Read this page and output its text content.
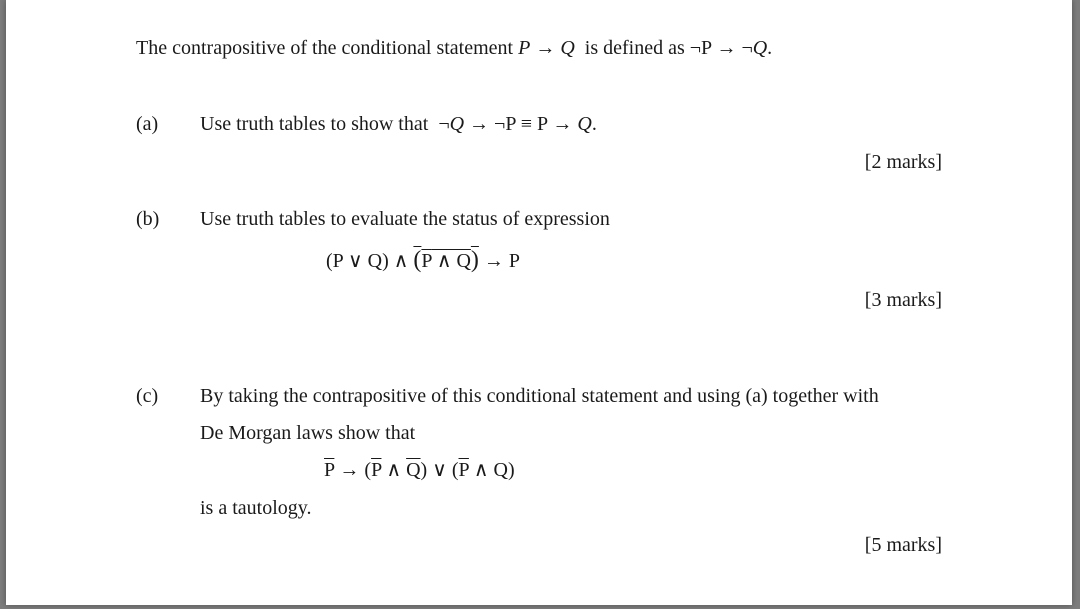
The contrapositive of the conditional statement P → Q is defined as ¬P → ¬Q.
(a) Use truth tables to show that ¬Q → ¬P ≡ P → Q.
[2 marks]
(b) Use truth tables to evaluate the status of expression
(P ∨ Q) ∧ (P ∧ Q) → P
[3 marks]
(c) By taking the contrapositive of this conditional statement and using (a) together with
De Morgan laws show that
$\overline{P} \to (\overline{P}$ ∧ $\overline{Q}$) ∨ ($\overline{P}$ ∧ Q)
is a tautology.
[5 marks]
